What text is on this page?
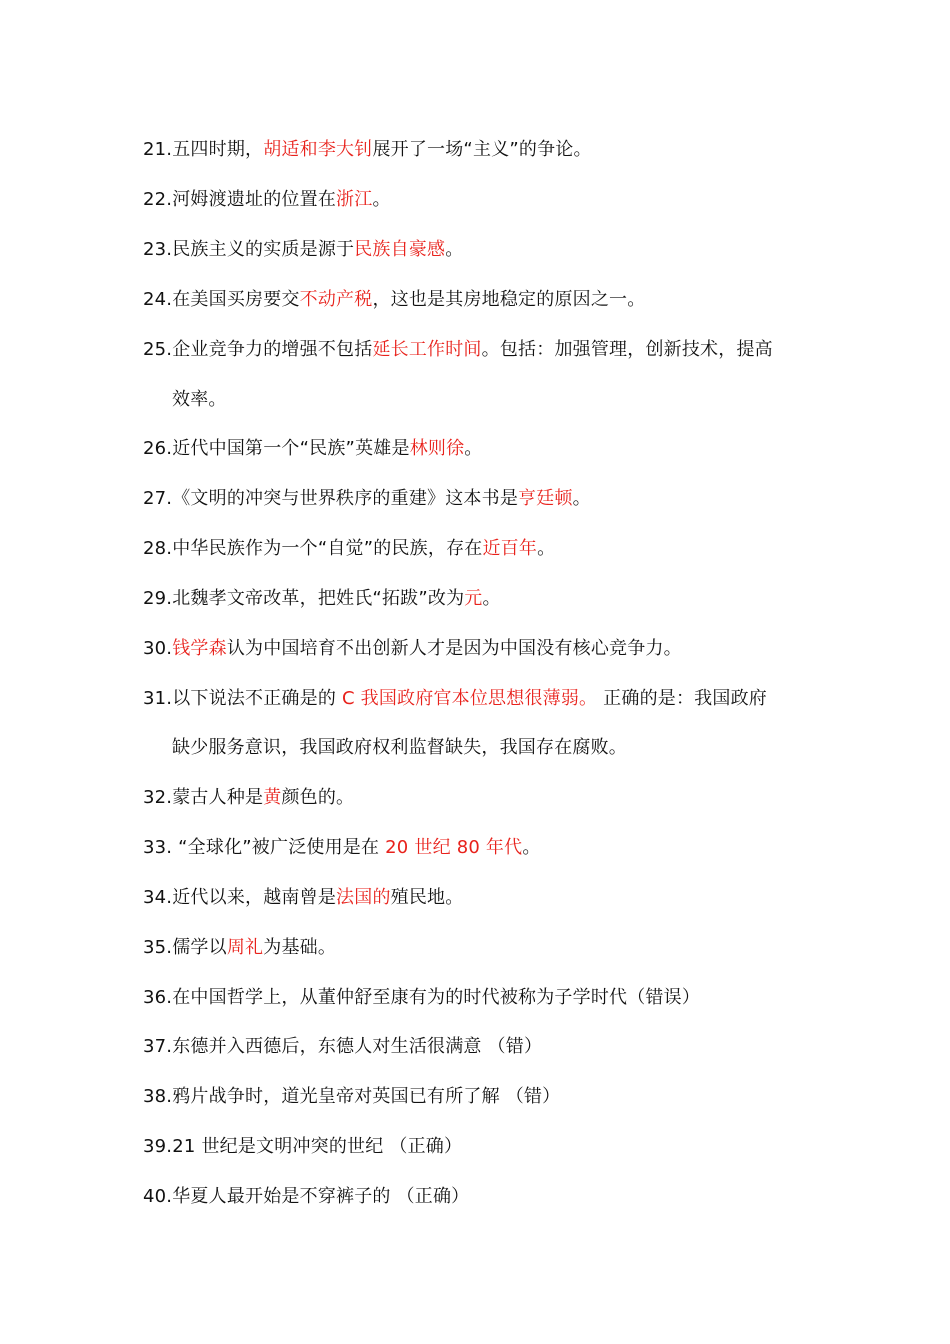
21.五四时期，胡适和李大钊展开了一场“主义”的争论。
22.河姆渡遗址的位置在浙江。
23.民族主义的实质是源于民族自豪感。
24.在美国买房要交不动产税，这也是其房地稳定的原因之一。
25.企业竞争力的增强不包括延长工作时间。包括：加强管理，创新技术，提高
效率。
26.近代中国第一个“民族”英雄是林则徐。
27.《文明的冲突与世界秩序的重建》这本书是亨廷顿。
28.中华民族作为一个“自觉”的民族，存在近百年。
29.北魏孝文帝改革，把姓氏“拓跋”改为元。
30.钱学森认为中国培育不出创新人才是因为中国没有核心竞争力。
31.以下说法不正确是的 C 我国政府官本位思想很薄弱。 正确的是：我国政府
缺少服务意识，我国政府权利监督缺失，我国存在腐败。
32.蒙古人种是黄颜色的。
33. “全球化”被广泛使用是在 20 世纪 80 年代。
34.近代以来，越南曾是法国的殖民地。
35.儒学以周礼为基础。
36.在中国哲学上，从董仲舒至康有为的时代被称为子学时代（错误）
37.东德并入西德后，东德人对生活很满意 （错）
38.鸦片战争时，道光皇帝对英国已有所了解 （错）
39.21 世纪是文明冲突的世纪 （正确）
40.华夏人最开始是不穿裤子的 （正确）
